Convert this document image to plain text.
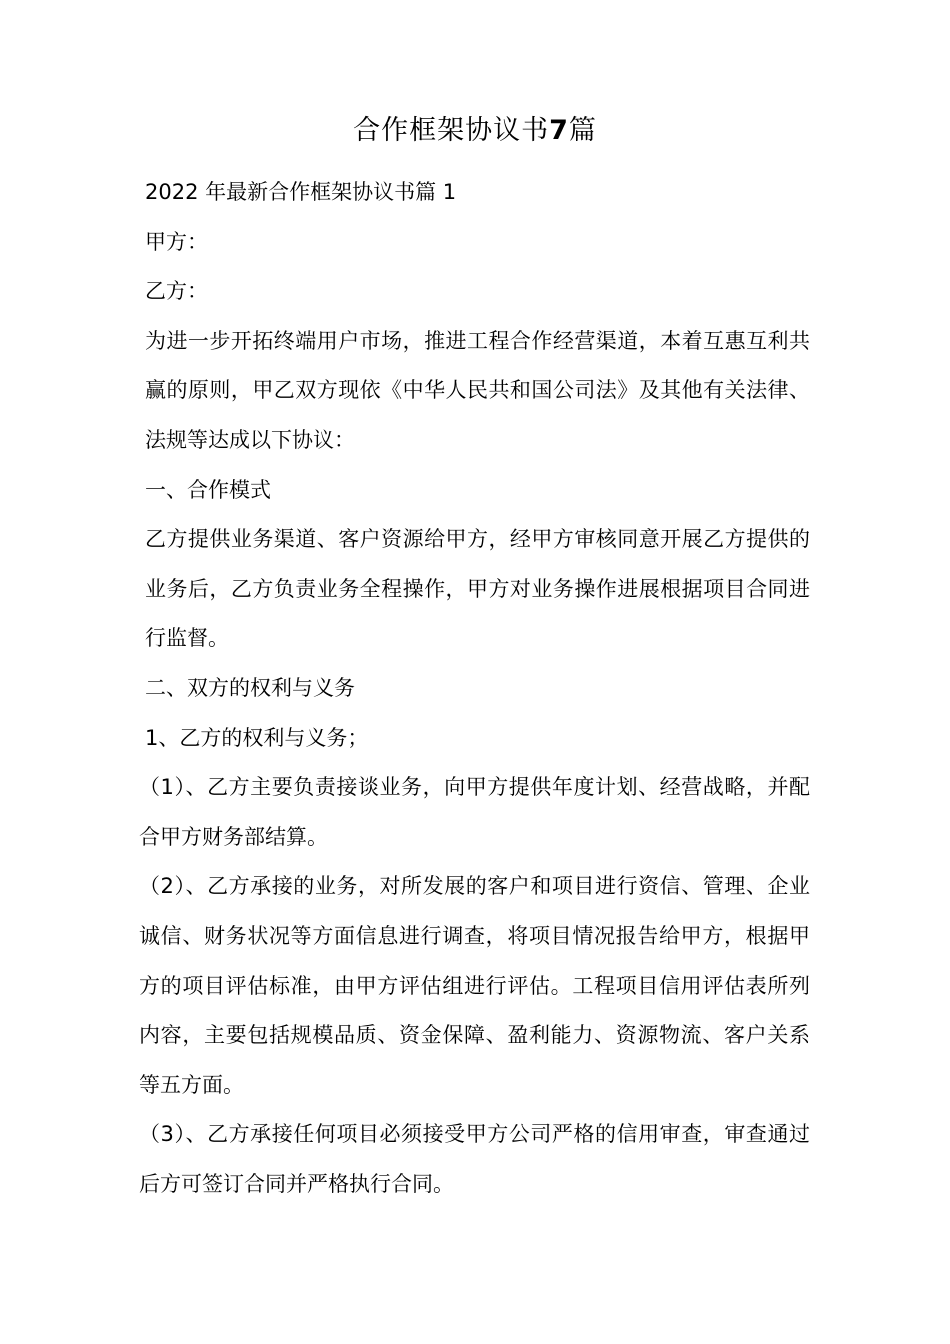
合作框架协议书7篇

2022 年最新合作框架协议书篇 1

甲方：

乙方：

为进一步开拓终端用户市场，推进工程合作经营渠道，本着互惠互利共赢的原则，甲乙双方现依《中华人民共和国公司法》及其他有关法律、法规等达成以下协议：

一、合作模式

乙方提供业务渠道、客户资源给甲方，经甲方审核同意开展乙方提供的业务后，乙方负责业务全程操作，甲方对业务操作进展根据项目合同进行监督。

二、双方的权利与义务

1、乙方的权利与义务；

（1）、乙方主要负责接谈业务，向甲方提供年度计划、经营战略，并配合甲方财务部结算。

（2）、乙方承接的业务，对所发展的客户和项目进行资信、管理、企业诚信、财务状况等方面信息进行调查，将项目情况报告给甲方，根据甲方的项目评估标准，由甲方评估组进行评估。工程项目信用评估表所列内容，主要包括规模品质、资金保障、盈利能力、资源物流、客户关系等五方面。

（3）、乙方承接任何项目必须接受甲方公司严格的信用审查，审查通过后方可签订合同并严格执行合同。
